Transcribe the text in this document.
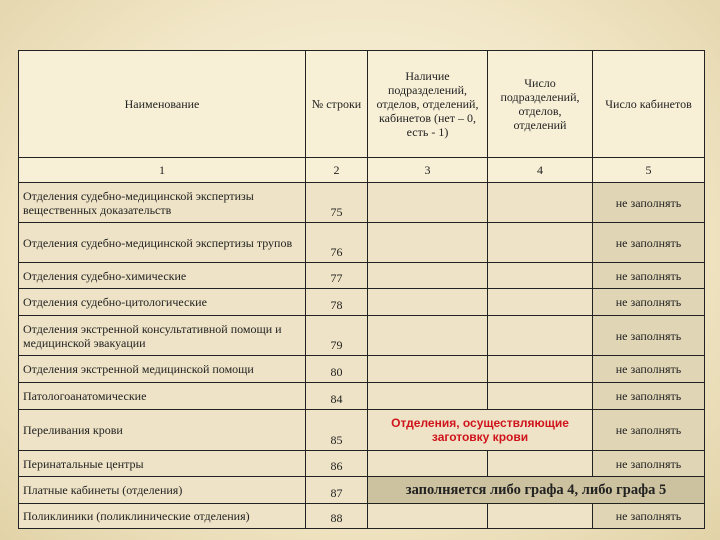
Наименование	№ строки	Наличие подразделений, отделов, отделений, кабинетов (нет – 0, есть - 1)	Число подразделений, отделов, отделений	Число кабинетов
1	2	3	4	5
Отделения судебно-медицинской экспертизы вещественных доказательств	75			не заполнять
Отделения судебно-медицинской экспертизы трупов	76			не заполнять
Отделения судебно-химические	77			не заполнять
Отделения судебно-цитологические	78			не заполнять
Отделения экстренной консультативной помощи и медицинской эвакуации	79			не заполнять
Отделения экстренной медицинской помощи	80			не заполнять
Патологоанатомические	84			не заполнять
Переливания крови	85	Отделения, осуществляющие заготовку крови		не заполнять
Перинатальные центры	86			не заполнять
Платные кабинеты (отделения)	87	заполняется либо графа 4, либо графа 5		
Поликлиники (поликлинические отделения)	88			не заполнять
